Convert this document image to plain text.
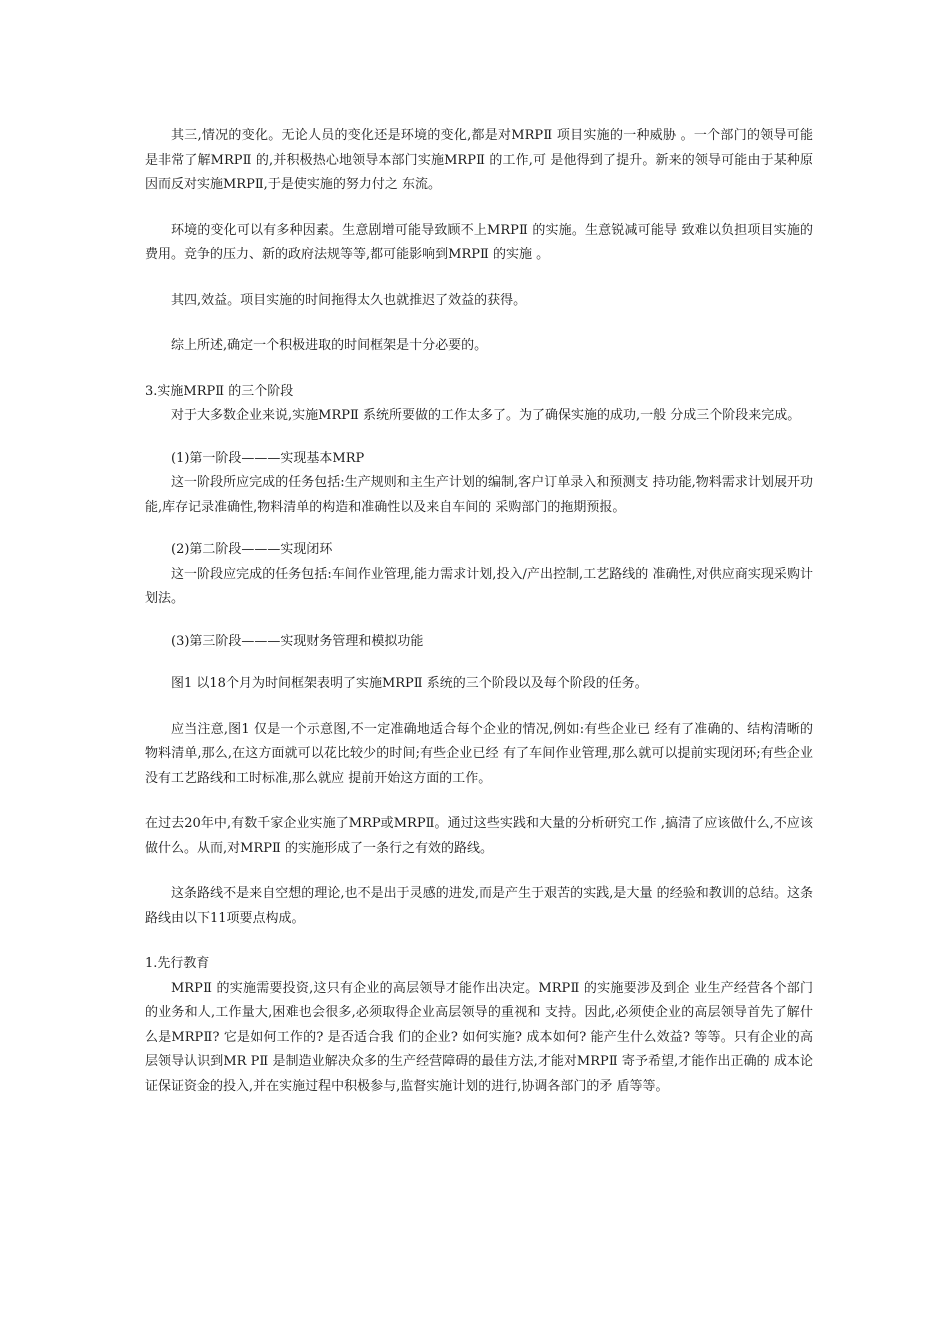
其三,情况的变化。无论人员的变化还是环境的变化,都是对MRPⅡ 项目实施的一种威胁 。一个部门的领导可能是非常了解MRPⅡ 的,并积极热心地领导本部门实施MRPⅡ 的工作,可 是他得到了提升。新来的领导可能由于某种原因而反对实施MRPⅡ,于是使实施的努力付之 东流。

环境的变化可以有多种因素。生意剧增可能导致顾不上MRPⅡ 的实施。生意锐减可能导 致难以负担项目实施的费用。竞争的压力、新的政府法规等等,都可能影响到MRPⅡ 的实施 。

其四,效益。项目实施的时间拖得太久也就推迟了效益的获得。

综上所述,确定一个积极进取的时间框架是十分必要的。

3.实施MRPⅡ 的三个阶段

对于大多数企业来说,实施MRPⅡ 系统所要做的工作太多了。为了确保实施的成功,一般 分成三个阶段来完成。

(1)第一阶段———实现基本MRP

这一阶段所应完成的任务包括:生产规则和主生产计划的编制,客户订单录入和预测支 持功能,物料需求计划展开功能,库存记录准确性,物料清单的构造和准确性以及来自车间的 采购部门的拖期预报。

(2)第二阶段———实现闭环

这一阶段应完成的任务包括:车间作业管理,能力需求计划,投入/产出控制,工艺路线的 准确性,对供应商实现采购计划法。

(3)第三阶段———实现财务管理和模拟功能

图1 以18个月为时间框架表明了实施MRPⅡ 系统的三个阶段以及每个阶段的任务。

应当注意,图1 仅是一个示意图,不一定准确地适合每个企业的情况,例如:有些企业已 经有了准确的、结构清晰的物料清单,那么,在这方面就可以花比较少的时间;有些企业已经 有了车间作业管理,那么就可以提前实现闭环;有些企业没有工艺路线和工时标准,那么就应 提前开始这方面的工作。

在过去20年中,有数千家企业实施了MRP或MRPⅡ。通过这些实践和大量的分析研究工作 ,搞清了应该做什么,不应该做什么。从而,对MRPⅡ 的实施形成了一条行之有效的路线。

这条路线不是来自空想的理论,也不是出于灵感的进发,而是产生于艰苦的实践,是大量 的经验和教训的总结。这条路线由以下11项要点构成。

1.先行教育

MRPⅡ 的实施需要投资,这只有企业的高层领导才能作出决定。MRPⅡ 的实施要涉及到企 业生产经营各个部门的业务和人,工作量大,困难也会很多,必须取得企业高层领导的重视和 支持。因此,必须使企业的高层领导首先了解什么是MRPⅡ? 它是如何工作的? 是否适合我 们的企业? 如何实施? 成本如何? 能产生什么效益? 等等。只有企业的高层领导认识到MR PⅡ 是制造业解决众多的生产经营障碍的最佳方法,才能对MRPⅡ 寄予希望,才能作出正确的 成本论证保证资金的投入,并在实施过程中积极参与,监督实施计划的进行,协调各部门的矛 盾等等。
